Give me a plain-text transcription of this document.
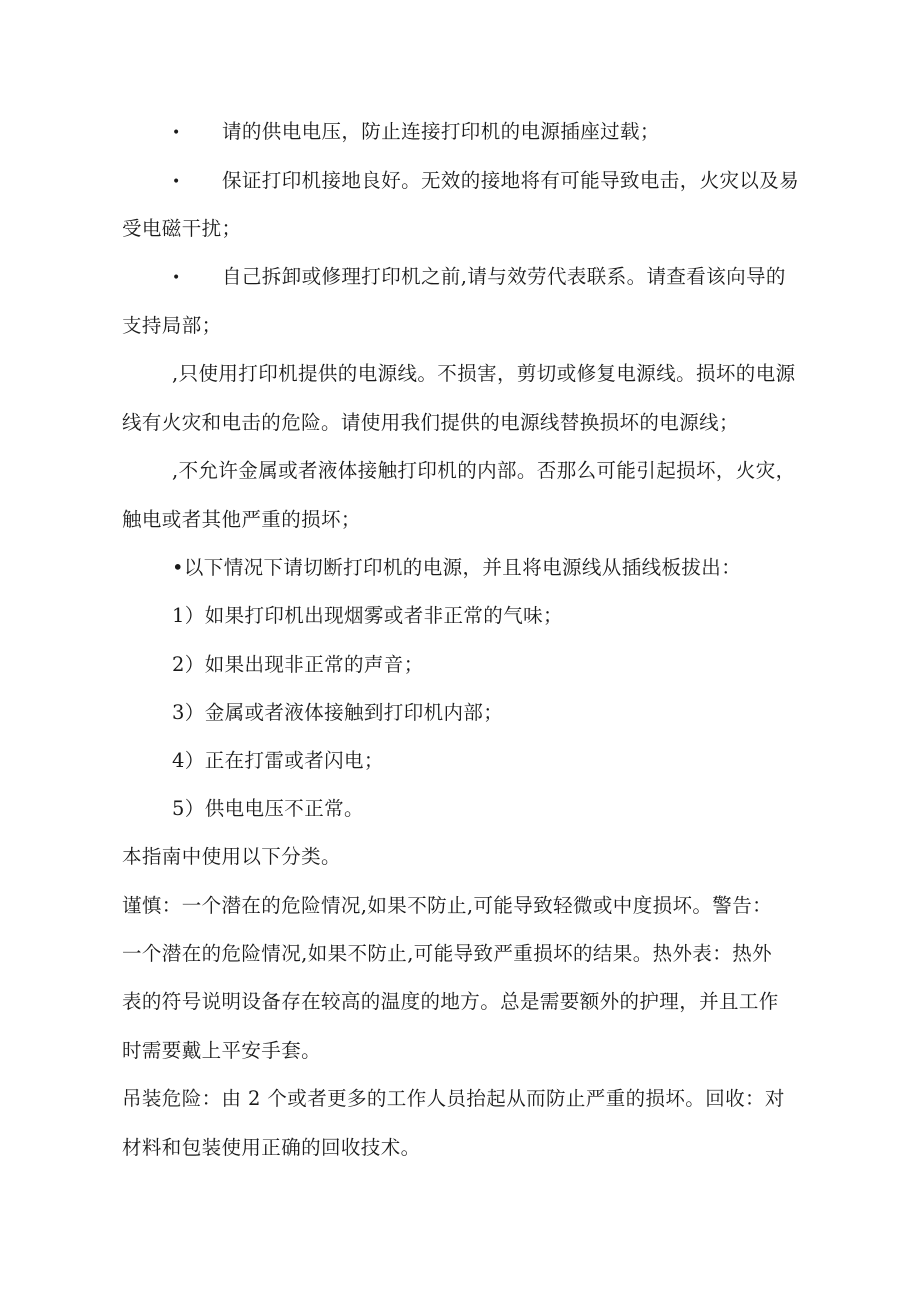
• 请的供电电压，防止连接打印机的电源插座过载；
• 保证打印机接地良好。无效的接地将有可能导致电击，火灾以及易
受电磁干扰；
• 自己拆卸或修理打印机之前,请与效劳代表联系。请查看该向导的
支持局部；
,只使用打印机提供的电源线。不损害，剪切或修复电源线。损坏的电源
线有火灾和电击的危险。请使用我们提供的电源线替换损坏的电源线；
,不允许金属或者液体接触打印机的内部。否那么可能引起损坏，火灾，
触电或者其他严重的损坏；
•以下情况下请切断打印机的电源，并且将电源线从插线板拔出：
1）如果打印机出现烟雾或者非正常的气味；
2）如果出现非正常的声音；
3）金属或者液体接触到打印机内部；
4）正在打雷或者闪电；
5）供电电压不正常。
本指南中使用以下分类。
谨慎：一个潜在的危险情况,如果不防止,可能导致轻微或中度损坏。警告：
一个潜在的危险情况,如果不防止,可能导致严重损坏的结果。热外表：热外
表的符号说明设备存在较高的温度的地方。总是需要额外的护理，并且工作
时需要戴上平安手套。
吊装危险：由 2 个或者更多的工作人员抬起从而防止严重的损坏。回收：对
材料和包装使用正确的回收技术。
